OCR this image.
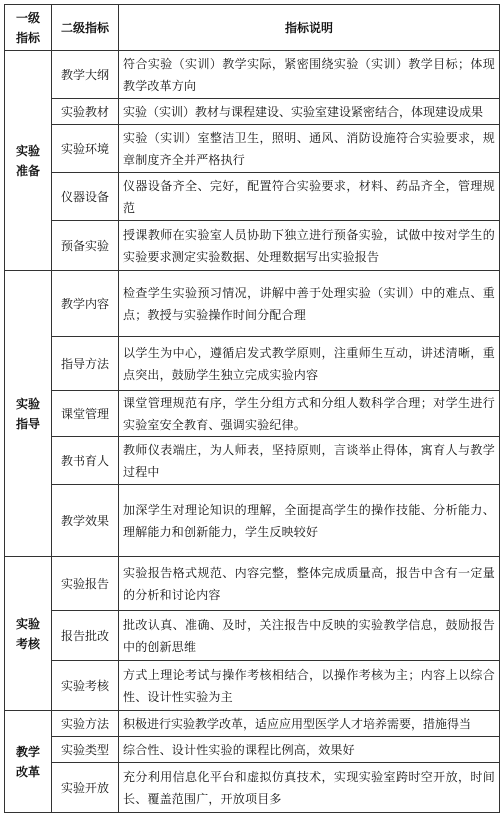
一级指标	二级指标	指标说明
实验准备	教学大纲	符合实验（实训）教学实际，紧密围绕实验（实训）教学目标；体现教学改革方向
	实验教材	实验（实训）教材与课程建设、实验室建设紧密结合，体现建设成果
	实验环境	实验（实训）室整洁卫生，照明、通风、消防设施符合实验要求，规章制度齐全并严格执行
	仪器设备	仪器设备齐全、完好，配置符合实验要求，材料、药品齐全，管理规范
	预备实验	授课教师在实验室人员协助下独立进行预备实验，试做中按对学生的实验要求测定实验数据、处理数据写出实验报告
实验指导	教学内容	检查学生实验预习情况，讲解中善于处理实验（实训）中的难点、重点；教授与实验操作时间分配合理
	指导方法	以学生为中心，遵循启发式教学原则，注重师生互动，讲述清晰，重点突出，鼓励学生独立完成实验内容
	课堂管理	课堂管理规范有序，学生分组方式和分组人数科学合理；对学生进行实验室安全教育、强调实验纪律。
	教书育人	教师仪表端庄，为人师表，坚持原则，言谈举止得体，寓育人与教学过程中
	教学效果	加深学生对理论知识的理解，全面提高学生的操作技能、分析能力、理解能力和创新能力，学生反映较好
实验考核	实验报告	实验报告格式规范、内容完整，整体完成质量高，报告中含有一定量的分析和讨论内容
	报告批改	批改认真、准确、及时，关注报告中反映的实验教学信息，鼓励报告中的创新思维
	实验考核	方式上理论考试与操作考核相结合，以操作考核为主；内容上以综合性、设计性实验为主
教学改革	实验方法	积极进行实验教学改革，适应应用型医学人才培养需要，措施得当
	实验类型	综合性、设计性实验的课程比例高，效果好
	实验开放	充分利用信息化平台和虚拟仿真技术，实现实验室跨时空开放，时间长、覆盖范围广，开放项目多
